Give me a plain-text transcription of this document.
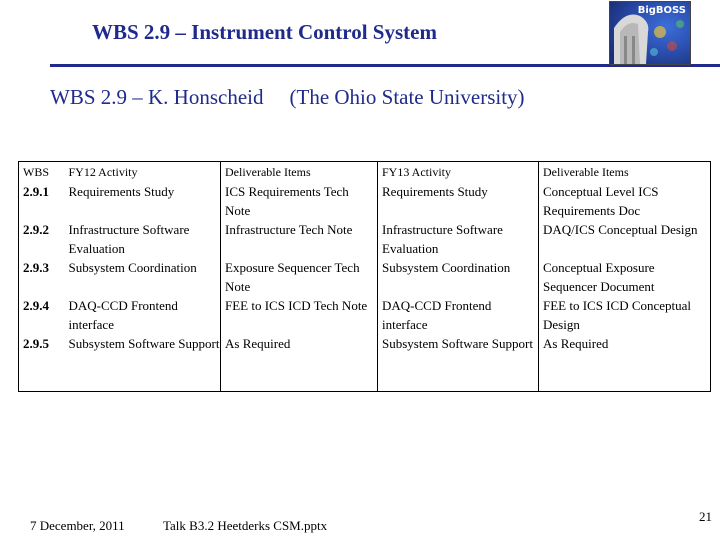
WBS 2.9 – Instrument Control System
BigBOSS
WBS 2.9 – K. Honscheid (The Ohio State University)
WBS	FY12 Activity	Deliverable Items	FY13 Activity	Deliverable Items
2.9.1	Requirements Study	ICS Requirements Tech Note	Requirements Study	Conceptual Level ICS Requirements Doc
2.9.2	Infrastructure Software Evaluation	Infrastructure Tech Note	Infrastructure Software Evaluation	DAQ/ICS Conceptual Design
2.9.3	Subsystem Coordination	Exposure Sequencer Tech Note	Subsystem Coordination	Conceptual Exposure Sequencer Document
2.9.4	DAQ-CCD Frontend interface	FEE to ICS ICD Tech Note	DAQ-CCD Frontend interface	FEE to ICS ICD Conceptual Design
2.9.5	Subsystem Software Support	As Required	Subsystem Software Support	As Required
7 December, 2011	Talk B3.2 Heetderks CSM.pptx
21
